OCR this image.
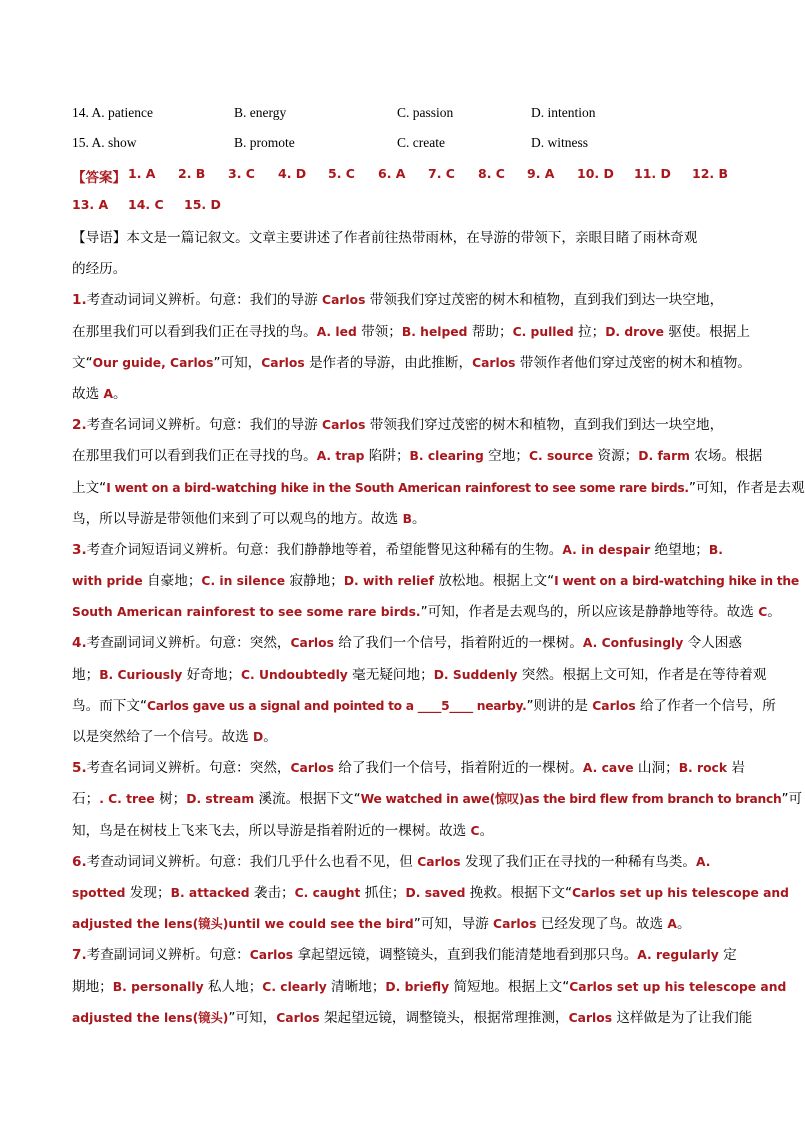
14. A. patience	B. energy	C. passion	D. intention
15. A. show	B. promote	C. create	D. witness
【答案】 1. A 2. B 3. C 4. D 5. C 6. A 7. C 8. C 9. A 10. D 11. D 12. B
13. A 14. C 15. D
【导语】本文是一篇记叙文。文章主要讲述了作者前往热带雨林，在导游的带领下，亲眼目睹了雨林奇观
的经历。
1.考查动词词义辨析。句意：我们的导游 Carlos 带领我们穿过茂密的树木和植物，直到我们到达一块空地，
在那里我们可以看到我们正在寻找的鸟。A. led 带领；B. helped 帮助；C. pulled 拉；D. drove 驱使。根据上
文“Our guide, Carlos”可知，Carlos 是作者的导游，由此推断，Carlos 带领作者他们穿过茂密的树木和植物。
故选 A。
2.考查名词词义辨析。句意：我们的导游 Carlos 带领我们穿过茂密的树木和植物，直到我们到达一块空地，
在那里我们可以看到我们正在寻找的鸟。A. trap 陷阱；B. clearing 空地；C. source 资源；D. farm 农场。根据
上文“I went on a bird-watching hike in the South American rainforest to see some rare birds.”可知，作者是去观
鸟，所以导游是带领他们来到了可以观鸟的地方。故选 B。
3.考查介词短语词义辨析。句意：我们静静地等着，希望能瞥见这种稀有的生物。A. in despair 绝望地；B.
with pride 自豪地；C. in silence 寂静地；D. with relief 放松地。根据上文“I went on a bird-watching hike in the
South American rainforest to see some rare birds.”可知，作者是去观鸟的，所以应该是静静地等待。故选 C。
4.考查副词词义辨析。句意：突然，Carlos 给了我们一个信号，指着附近的一棵树。A. Confusingly 令人困惑
地；B. Curiously 好奇地；C. Undoubtedly 毫无疑问地；D. Suddenly 突然。根据上文可知，作者是在等待着观
鸟。而下文“Carlos gave us a signal and pointed to a ____5____ nearby.”则讲的是 Carlos 给了作者一个信号，所
以是突然给了一个信号。故选 D。
5.考查名词词义辨析。句意：突然，Carlos 给了我们一个信号，指着附近的一棵树。A. cave 山洞；B. rock 岩
石；. C. tree 树；D. stream 溪流。根据下文“We watched in awe(惊叹)as the bird flew from branch to branch”可
知，鸟是在树枝上飞来飞去，所以导游是指着附近的一棵树。故选 C。
6.考查动词词义辨析。句意：我们几乎什么也看不见，但 Carlos 发现了我们正在寻找的一种稀有鸟类。A.
spotted 发现；B. attacked 袭击；C. caught 抓住；D. saved 挽救。根据下文“Carlos set up his telescope and
adjusted the lens(镜头)until we could see the bird”可知，导游 Carlos 已经发现了鸟。故选 A。
7.考查副词词义辨析。句意：Carlos 拿起望远镜，调整镜头，直到我们能清楚地看到那只鸟。A. regularly 定
期地；B. personally 私人地；C. clearly 清晰地；D. briefly 简短地。根据上文“Carlos set up his telescope and
adjusted the lens(镜头)”可知，Carlos 架起望远镜，调整镜头，根据常理推测，Carlos 这样做是为了让我们能
